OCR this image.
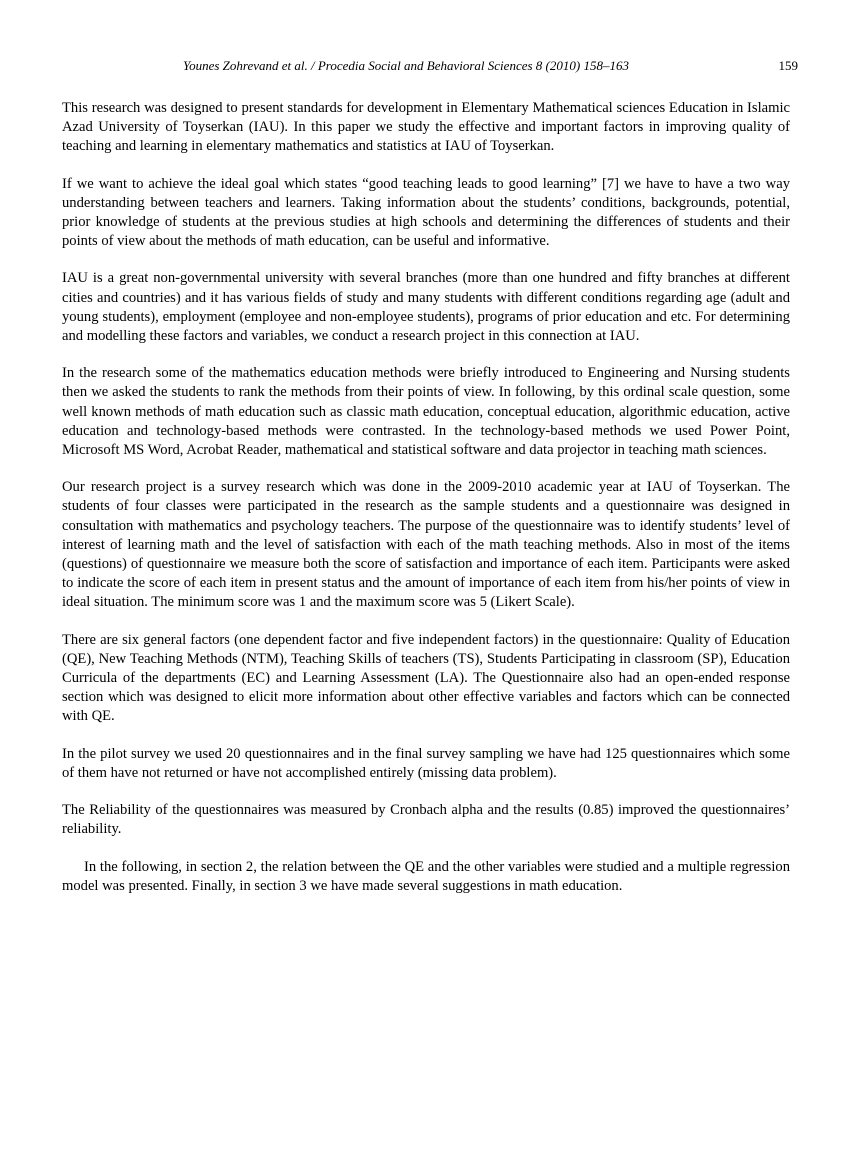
Younes Zohrevand et al. / Procedia Social and Behavioral Sciences 8 (2010) 158–163	159

This research was designed to present standards for development in Elementary Mathematical sciences Education in Islamic Azad University of Toyserkan (IAU). In this paper we study the effective and important factors in improving quality of teaching and learning in elementary mathematics and statistics at IAU of Toyserkan.

If we want to achieve the ideal goal which states “good teaching leads to good learning” [7] we have to have a two way understanding between teachers and learners. Taking information about the students’ conditions, backgrounds, potential, prior knowledge of students at the previous studies at high schools and determining the differences of students and their points of view about the methods of math education, can be useful and informative.

IAU is a great non-governmental university with several branches (more than one hundred and fifty branches at different cities and countries) and it has various fields of study and many students with different conditions regarding age (adult and young students), employment (employee and non-employee students), programs of prior education and etc. For determining and modelling these factors and variables, we conduct a research project in this connection at IAU.

In the research some of the mathematics education methods were briefly introduced to Engineering and Nursing students then we asked the students to rank the methods from their points of view. In following, by this ordinal scale question, some well known methods of math education such as classic math education, conceptual education, algorithmic education, active education and technology-based methods were contrasted. In the technology-based methods we used Power Point, Microsoft MS Word, Acrobat Reader, mathematical and statistical software and data projector in teaching math sciences.

Our research project is a survey research which was done in the 2009-2010 academic year at IAU of Toyserkan. The students of four classes were participated in the research as the sample students and a questionnaire was designed in consultation with mathematics and psychology teachers. The purpose of the questionnaire was to identify students’ level of interest of learning math and the level of satisfaction with each of the math teaching methods. Also in most of the items (questions) of questionnaire we measure both the score of satisfaction and importance of each item. Participants were asked to indicate the score of each item in present status and the amount of importance of each item from his/her points of view in ideal situation. The minimum score was 1 and the maximum score was 5 (Likert Scale).

There are six general factors (one dependent factor and five independent factors) in the questionnaire: Quality of Education (QE), New Teaching Methods (NTM), Teaching Skills of teachers (TS), Students Participating in classroom (SP), Education Curricula of the departments (EC) and Learning Assessment (LA). The Questionnaire also had an open-ended response section which was designed to elicit more information about other effective variables and factors which can be connected with QE.

In the pilot survey we used 20 questionnaires and in the final survey sampling we have had 125 questionnaires which some of them have not returned or have not accomplished entirely (missing data problem).

The Reliability of the questionnaires was measured by Cronbach alpha and the results (0.85) improved the questionnaires’ reliability.

In the following, in section 2, the relation between the QE and the other variables were studied and a multiple regression model was presented. Finally, in section 3 we have made several suggestions in math education.
